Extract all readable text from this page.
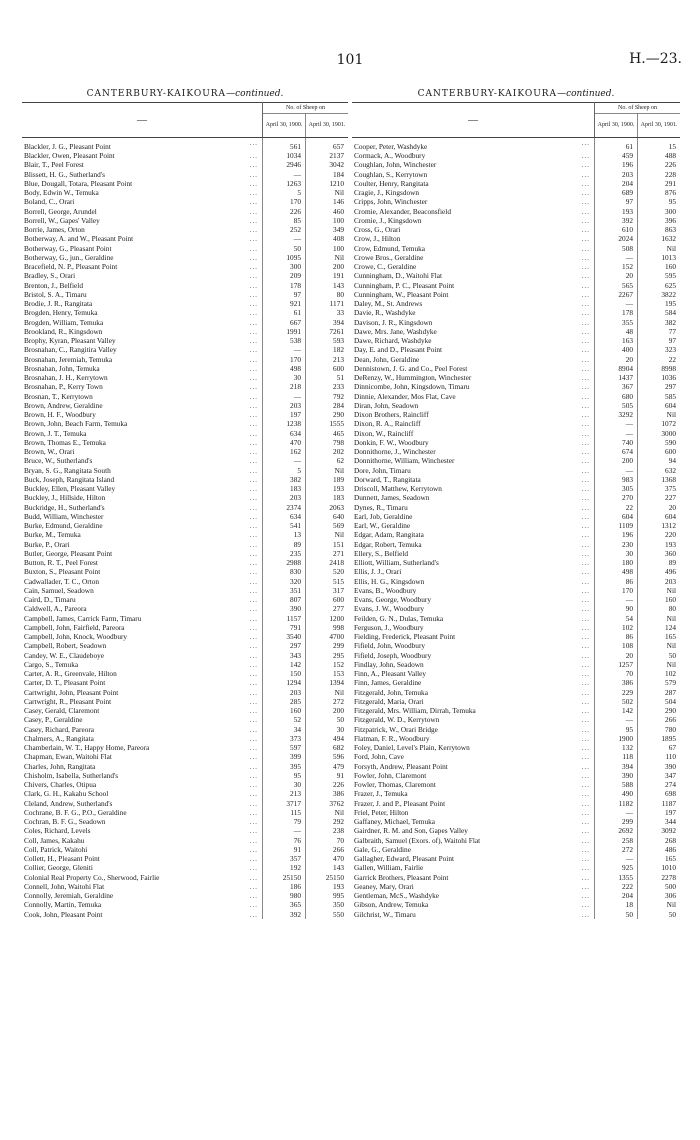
101	H.—23.
CANTERBURY-KAIKOURA—continued.
—	No. of Sheep on	
	April 30, 1900.	April 30, 1901.
Blackler, J. G., Pleasant Point ...	561	657
Blackler, Owen, Pleasant Point ...	1034	2137
Blair, T., Peel Forest ...	2946	3042
Blissett, H. G., Sutherland's ...	—	184
Blue, Dougall, Totara, Pleasant Point ...	1263	1210
Body, Edwin W., Temuka ...	5	Nil
Boland, C., Orari ...	170	146
Borrell, George, Arundel ...	226	460
Borrell, W., Gapes' Valley ...	85	100
Borrie, James, Orton ...	252	349
Botherway, A. and W., Pleasant Point ...	—	408
Botherway, G., Pleasant Point ...	50	100
Botherway, G., jun., Geraldine ...	1095	Nil
Bracefield, N. P., Pleasant Point ...	300	200
Bradley, S., Orari ...	209	191
Brenton, J., Belfield ...	178	143
Bristol, S. A., Timaru ...	97	80
Brodie, J. R., Rangitata ...	921	1171
Brogden, Henry, Temuka ...	61	33
Brogden, William, Temuka ...	667	394
Brookland, R., Kingsdown ...	1991	7261
Brophy, Kyran, Pleasant Valley ...	538	593
Brosnahan, C., Rangitira Valley ...	—	182
Brosnahan, Jeremiah, Temuka ...	170	213
Brosnahan, John, Temuka ...	498	600
Brosnahan, J. H., Kerrytown ...	30	51
Brosnahan, P., Kerry Town ...	218	233
Brosnan, T., Kerrytown ...	—	792
Brown, Andrew, Geraldine ...	203	284
Brown, H. F., Woodbury ...	197	290
Brown, John, Beach Farm, Temuka ...	1238	1555
Brown, J. T., Temuka ...	634	465
Brown, Thomas E., Temuka ...	470	798
Brown, W., Orari ...	162	202
Bruce, W., Sutherland's ...	—	62
Bryan, S. G., Rangitata South ...	5	Nil
Buck, Joseph, Rangitata Island ...	382	189
Buckley, Ellen, Pleasant Valley ...	183	193
Buckley, J., Hillside, Hilton ...	203	183
Buckridge, H., Sutherland's ...	2374	2063
Budd, William, Winchester ...	634	640
Burke, Edmund, Geraldine ...	541	569
Burke, M., Temuka ...	13	Nil
Burke, P., Orari ...	89	151
Butler, George, Pleasant Point ...	235	271
Button, R. T., Peel Forest ...	2988	2418
Buxton, S., Pleasant Point ...	830	520
Cadwallader, T. C., Orton ...	320	515
Cain, Samuel, Seadown ...	351	317
Caird, D., Timaru ...	807	600
Caldwell, A., Pareora ...	390	277
Campbell, James, Carrick Farm, Timaru ...	1157	1200
Campbell, John, Fairfield, Pareora ...	791	998
Campbell, John, Knock, Woodbury ...	3540	4700
Campbell, Robert, Seadown ...	297	299
Candey, W. E., Claudeboye ...	343	295
Cargo, S., Temuka ...	142	152
Carter, A. R., Greenvale, Hilton ...	150	153
Carter, D. T., Pleasant Point ...	1294	1394
Cartwright, John, Pleasant Point ...	203	Nil
Cartwright, R., Pleasant Point ...	285	272
Casey, Gerald, Claremont ...	160	200
Casey, P., Geraldine ...	52	50
Casey, Richard, Pareora ...	34	30
Chalmers, A., Rangitata ...	373	494
Chamberlain, W. T., Happy Home, Pareora ...	597	682
Chapman, Ewan, Waitohi Flat ...	399	596
Charles, John, Rangitata ...	395	479
Chisholm, Isabella, Sutherland's ...	95	91
Chivers, Charles, Otipua ...	30	226
Clark, G. H., Kakahu School ...	213	386
Cleland, Andrew, Sutherland's ...	3717	3762
Cochrane, B. F. G., P.O., Geraldine ...	115	Nil
Cochran, B. F. G., Seadown ...	79	292
Coles, Richard, Levels ...	—	238
Coll, James, Kakahu ...	76	70
Coll, Patrick, Waitohi ...	91	266
Collett, H., Pleasant Point ...	357	470
Collier, George, Gleniti ...	192	143
Colonial Real Property Co., Sherwood, Fairlie ...	25150	25150
Connell, John, Waitohi Flat ...	186	193
Connolly, Jeremiah, Geraldine ...	980	995
Connolly, Martin, Temuka ...	365	350
Cook, John, Pleasant Point ...	392	550
CANTERBURY-KAIKOURA—continued.
—	No. of Sheep on	
	April 30, 1900.	April 30, 1901.
Cooper, Peter, Washdyke ...	61	15
Cormack, A., Woodbury ...	459	488
Coughlan, John, Winchester ...	196	226
Coughlan, S., Kerrytown ...	203	228
Coulter, Henry, Rangitata ...	204	291
Cragie, J., Kingsdown ...	689	876
Cripps, John, Winchester ...	97	95
Cromie, Alexander, Beaconsfield ...	193	300
Cromie, J., Kingsdown ...	392	396
Cross, G., Orari ...	610	863
Crow, J., Hilton ...	2024	1632
Crow, Edmund, Temuka ...	508	Nil
Crowe Bros., Geraldine ...	—	1013
Crowe, C., Geraldine ...	152	160
Cunningham, D., Waitohi Flat ...	20	595
Cunningham, P. C., Pleasant Point ...	565	625
Cunningham, W., Pleasant Point ...	2267	3822
Daley, M., St. Andrews ...	—	195
Davie, R., Washdyke ...	178	584
Davison, J. R., Kingsdown ...	355	382
Dawe, Mrs. Jane, Washdyke ...	48	77
Dawe, Richard, Washdyke ...	163	97
Day, E. and D., Pleasant Point ...	400	323
Dean, John, Geraldine ...	20	22
Dennistown, J. G. and Co., Peel Forest ...	8904	8998
DeRenzy, W., Hummington, Winchester ...	1437	1036
Dinnicombe, John, Kingsdown, Timaru ...	367	297
Dinnie, Alexander, Mos Flat, Cave ...	680	585
Diran, John, Seadown ...	505	604
Dixon Brothers, Raincliff ...	3292	Nil
Dixon, R. A., Raincliff ...	—	1072
Dixon, W., Raincliff ...	—	3000
Donkin, F. W., Woodbury ...	740	590
Donnithorne, J., Winchester ...	674	600
Donnithorne, William, Winchester ...	200	94
Dore, John, Timaru ...	—	632
Dorward, T., Rangitata ...	983	1368
Driscoll, Matthew, Kerrytown ...	305	375
Dunnett, James, Seadown ...	270	227
Dynes, R., Timaru ...	22	20
Earl, Job, Geraldine ...	604	604
Earl, W., Geraldine ...	1109	1312
Edgar, Adam, Rangitata ...	196	220
Edgar, Robert, Temuka ...	230	193
Ellery, S., Belfield ...	30	360
Elliott, William, Sutherland's ...	180	89
Ellis, J. J., Orari ...	498	496
Ellis, H. G., Kingsdown ...	86	203
Evans, B., Woodbury ...	170	Nil
Evans, George, Woodbury ...	—	160
Evans, J. W., Woodbury ...	90	80
Feilden, G. N., Dulas, Temuka ...	54	Nil
Ferguson, J., Woodbury ...	102	124
Fielding, Frederick, Pleasant Point ...	86	165
Fifield, John, Woodbury ...	108	Nil
Fifield, Joseph, Woodbury ...	20	50
Findlay, John, Seadown ...	1257	Nil
Finn, A., Pleasant Valley ...	70	102
Finn, James, Geraldine ...	386	579
Fitzgerald, John, Temuka ...	229	287
Fitzgerald, Maria, Orari ...	502	504
Fitzgerald, Mrs. William, Dirrah, Temuka ...	142	290
Fitzgerald, W. D., Kerrytown ...	—	266
Fitzpatrick, W., Orari Bridge ...	95	780
Flatman, F. R., Woodbury ...	1900	1895
Foley, Daniel, Level's Plain, Kerrytown ...	132	67
Ford, John, Cave ...	118	110
Forsyth, Andrew, Pleasant Point ...	394	390
Fowler, John, Claremont ...	390	347
Fowler, Thomas, Claremont ...	588	274
Frazer, J., Temuka ...	490	698
Frazer, J. and P., Pleasant Point ...	1182	1187
Friel, Peter, Hilton ...	—	197
Gaffaney, Michael, Temuka ...	299	344
Gairdner, R. M. and Son, Gapes Valley ...	2692	3092
Galbraith, Samuel (Exors. of), Waitohi Flat ...	258	268
Gale, G., Geraldine ...	272	486
Gallagher, Edward, Pleasant Point ...	—	165
Gallen, William, Fairlie ...	925	1010
Garrick Brothers, Pleasant Point ...	1355	2278
Geaney, Mary, Orari ...	222	500
Gentleman, McS., Washdyke ...	204	306
Gibson, Andrew, Temuka ...	18	Nil
Gilchrist, W., Timaru ...	50	50
